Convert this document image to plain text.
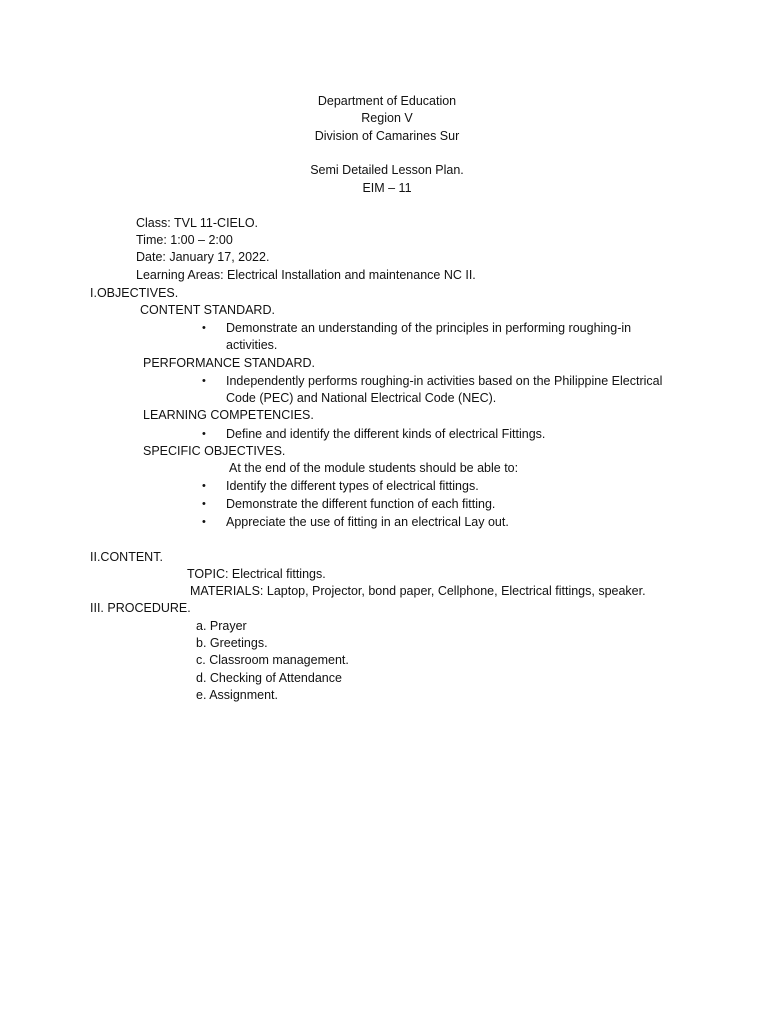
Department of Education
Region V
Division of Camarines Sur
Semi Detailed Lesson Plan.
EIM – 11
Class: TVL 11-CIELO.
Time: 1:00 – 2:00
Date: January 17, 2022.
Learning Areas: Electrical Installation and maintenance NC II.
I.OBJECTIVES.
CONTENT STANDARD.
• Demonstrate an understanding of the principles in performing roughing-in
activities.
PERFORMANCE STANDARD.
• Independently performs roughing-in activities based on the Philippine Electrical
Code (PEC) and National Electrical Code (NEC).
LEARNING COMPETENCIES.
• Define and identify the different kinds of electrical Fittings.
SPECIFIC OBJECTIVES.
At the end of the module students should be able to:
• Identify the different types of electrical fittings.
• Demonstrate the different function of each fitting.
• Appreciate the use of fitting in an electrical Lay out.
II.CONTENT.
TOPIC: Electrical fittings.
MATERIALS: Laptop, Projector, bond paper, Cellphone, Electrical fittings, speaker.
III. PROCEDURE.
a. Prayer
b. Greetings.
c. Classroom management.
d. Checking of Attendance
e. Assignment.
